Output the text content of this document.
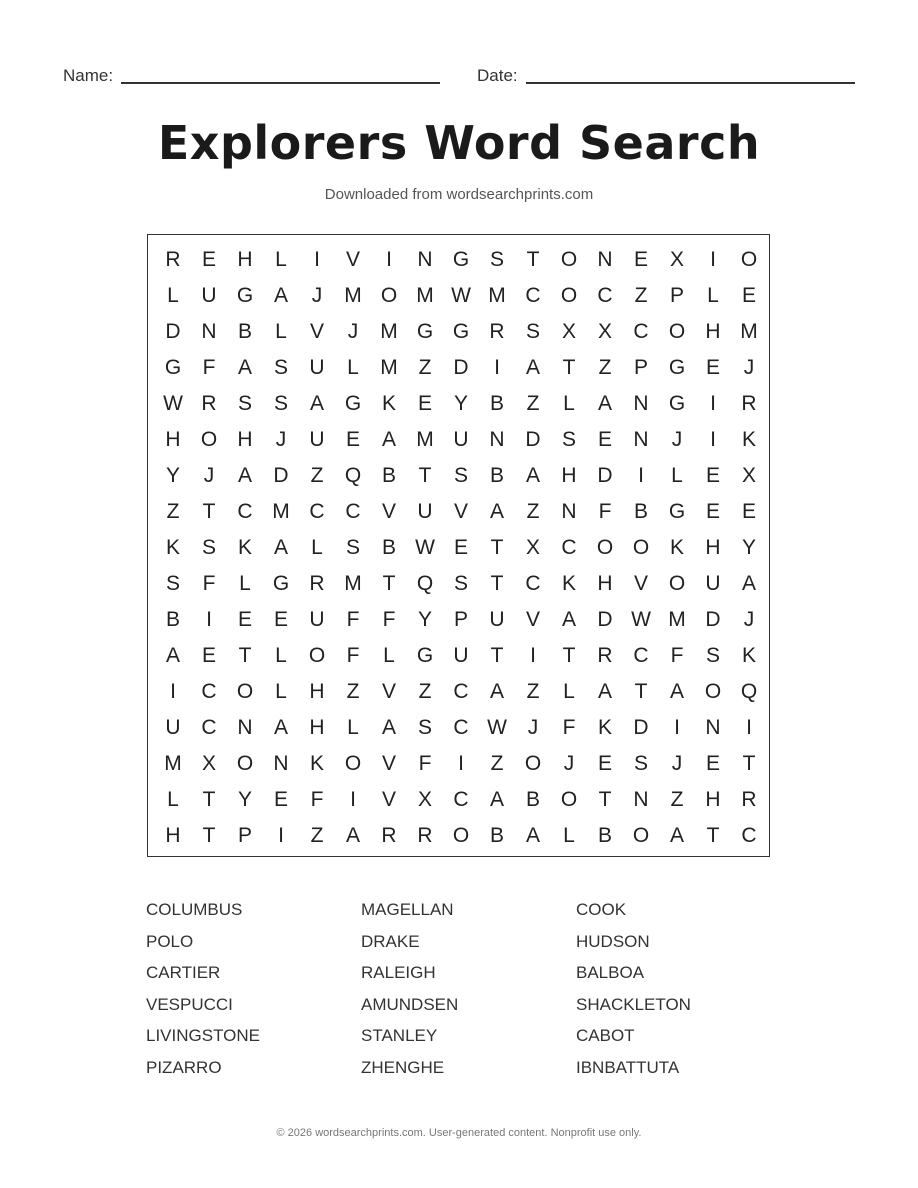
Name:	Date:
Explorers Word Search
Downloaded from wordsearchprints.com
R	E	H	L	I	V	I	N G S	T	O N	E	X	I	O
L	U G A	J	M O M W M C O C	Z	P	L	E
D N	B	L	V	J	M G G R	S	X	X	C O H M
G	F	A	S	U	L	M Z	D	I	A	T	Z	P G E	J
W R	S	S	A G K	E	Y	B	Z	L	A	N G	I	R
H O H	J	U	E	A M U N D	S	E	N	J	I	K
Y	J	A	D	Z	Q B	T	S	B	A	H D	I	L	E	X
Z	T	C M C C	V	U	V	A	Z	N	F	B G E	E
K	S	K	A	L	S	B W E	T	X	C O O K	H	Y
S	F	L	G R M T	Q S	T	C	K	H	V O U	A
B	I	E	E	U	F	F	Y	P	U	V	A	D W M D	J
A	E	T	L	O	F	L	G U	T	I	T	R C	F	S	K
I	C O	L	H	Z	V	Z	C	A	Z	L	A	T	A O Q
U C N	A	H	L	A	S	C W J	F	K	D	I	N	I
M X O N	K O V	F	I	Z	O	J	E	S	J	E	T
L	T	Y	E	F	I	V	X	C	A	B O	T	N	Z	H R
H	T	P	I	Z	A	R R O B	A	L	B O A	T	C
COLUMBUS	MAGELLAN	COOK
POLO	DRAKE	HUDSON
CARTIER	RALEIGH	BALBOA
VESPUCCI	AMUNDSEN	SHACKLETON
LIVINGSTONE	STANLEY	CABOT
PIZARRO	ZHENGHE	IBNBATTUTA
© 2026 wordsearchprints.com. User-generated content. Nonprofit use only.
